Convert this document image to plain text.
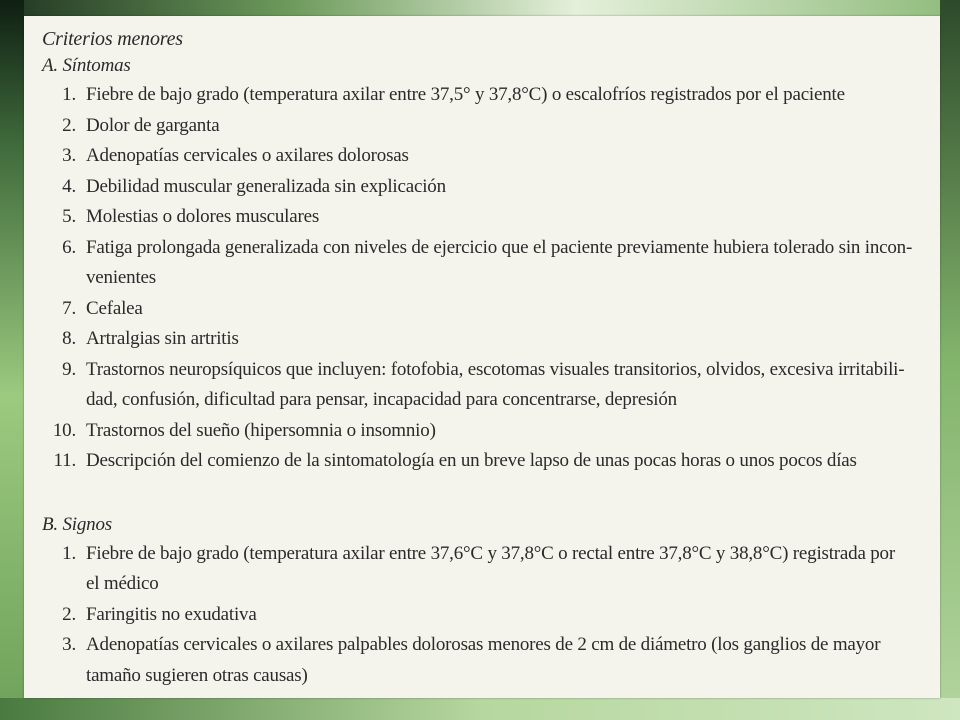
Criterios menores
A. Síntomas
1. Fiebre de bajo grado (temperatura axilar entre 37,5° y 37,8°C) o escalofríos registrados por el paciente
2. Dolor de garganta
3. Adenopatías cervicales o axilares dolorosas
4. Debilidad muscular generalizada sin explicación
5. Molestias o dolores musculares
6. Fatiga prolongada generalizada con niveles de ejercicio que el paciente previamente hubiera tolerado sin incon-
venientes
7. Cefalea
8. Artralgias sin artritis
9. Trastornos neuropsíquicos que incluyen: fotofobia, escotomas visuales transitorios, olvidos, excesiva irritabili-
dad, confusión, dificultad para pensar, incapacidad para concentrarse, depresión
10. Trastornos del sueño (hipersomnia o insomnio)
11. Descripción del comienzo de la sintomatología en un breve lapso de unas pocas horas o unos pocos días
B. Signos
1. Fiebre de bajo grado (temperatura axilar entre 37,6°C y 37,8°C o rectal entre 37,8°C y 38,8°C) registrada por
el médico
2. Faringitis no exudativa
3. Adenopatías cervicales o axilares palpables dolorosas menores de 2 cm de diámetro (los ganglios de mayor
tamaño sugieren otras causas)
